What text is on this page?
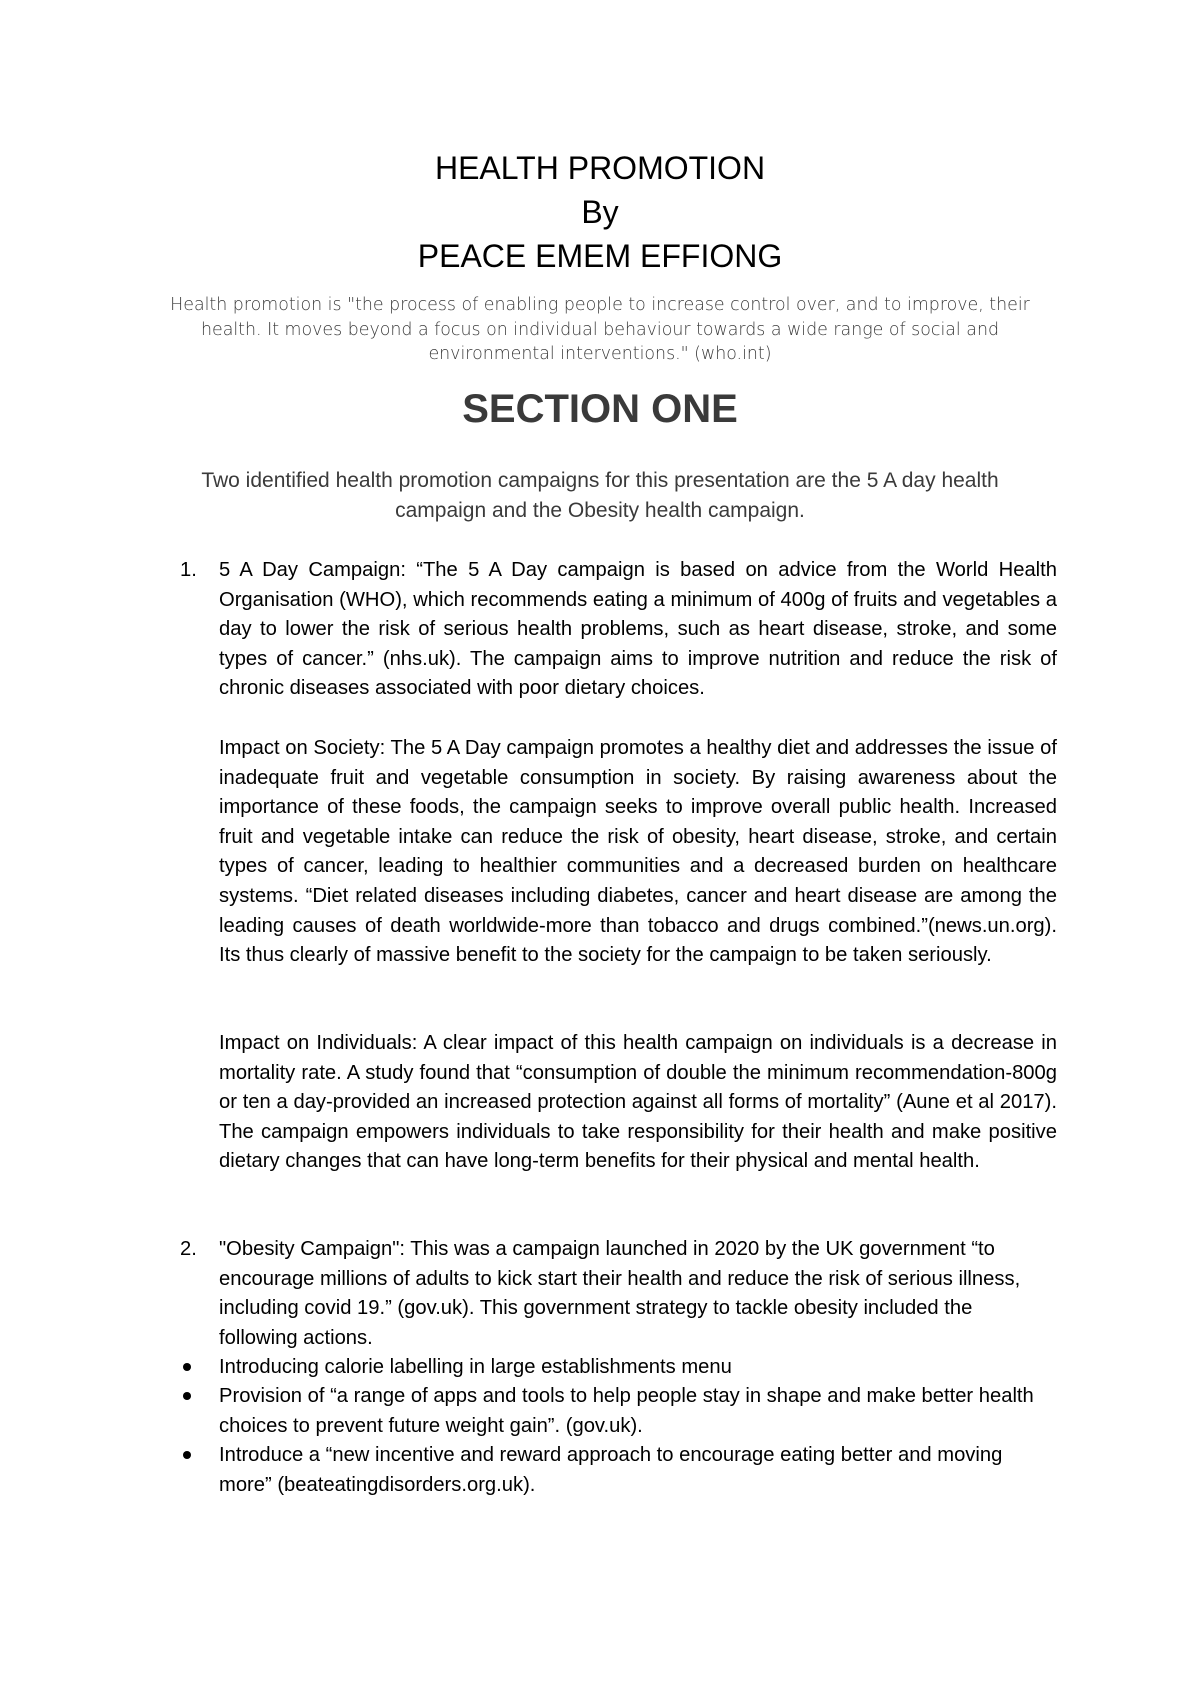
HEALTH PROMOTION
By
PEACE EMEM EFFIONG
Health promotion is "the process of enabling people to increase control over, and to improve, their health. It moves beyond a focus on individual behaviour towards a wide range of social and environmental interventions." (who.int)
SECTION ONE
Two identified health promotion campaigns for this presentation are the 5 A day health campaign and the Obesity health campaign.
1. 5 A Day Campaign: “The 5 A Day campaign is based on advice from the World Health Organisation (WHO), which recommends eating a minimum of 400g of fruits and vegetables a day to lower the risk of serious health problems, such as heart disease, stroke, and some types of cancer.” (nhs.uk). The campaign aims to improve nutrition and reduce the risk of chronic diseases associated with poor dietary choices.
Impact on Society: The 5 A Day campaign promotes a healthy diet and addresses the issue of inadequate fruit and vegetable consumption in society. By raising awareness about the importance of these foods, the campaign seeks to improve overall public health. Increased fruit and vegetable intake can reduce the risk of obesity, heart disease, stroke, and certain types of cancer, leading to healthier communities and a decreased burden on healthcare systems. “Diet related diseases including diabetes, cancer and heart disease are among the leading causes of death worldwide-more than tobacco and drugs combined.”(news.un.org). Its thus clearly of massive benefit to the society for the campaign to be taken seriously.
Impact on Individuals: A clear impact of this health campaign on individuals is a decrease in mortality rate. A study found that “consumption of double the minimum recommendation-800g or ten a day-provided an increased protection against all forms of mortality” (Aune et al 2017). The campaign empowers individuals to take responsibility for their health and make positive dietary changes that can have long-term benefits for their physical and mental health.
2. "Obesity Campaign": This was a campaign launched in 2020 by the UK government “to encourage millions of adults to kick start their health and reduce the risk of serious illness, including covid 19.” (gov.uk). This government strategy to tackle obesity included the following actions.
Introducing calorie labelling in large establishments menu
Provision of “a range of apps and tools to help people stay in shape and make better health choices to prevent future weight gain”. (gov.uk).
Introduce a “new incentive and reward approach to encourage eating better and moving more” (beateatingdisorders.org.uk).
